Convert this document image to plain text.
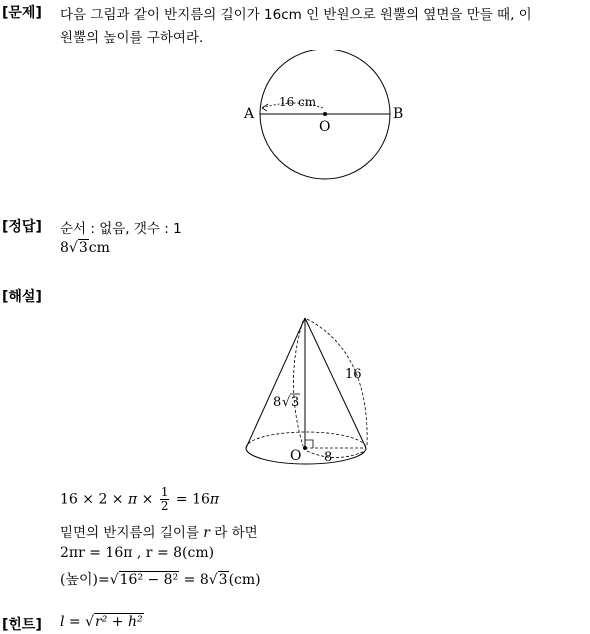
[문제] 다음 그림과 같이 반지름의 길이가 16cm 인 반원으로 원뿔의 옆면을 만들 때, 이
원뿔의 높이를 구하여라.
16 cm
A	B
O
[정답] 순서 : 없음, 갯수 : 1
8√3cm
[해설]
16
8 √ 3
8
O
$16 \times 2 \times \pi \times \frac{1}{2} = 16\pi$
밑면의 반지름의 길이를 r 라 하면
2πr = 16π , r = 8(cm)
(높이)=√16² − 8² = 8√3(cm)
[힌트] l = √r² + h²
